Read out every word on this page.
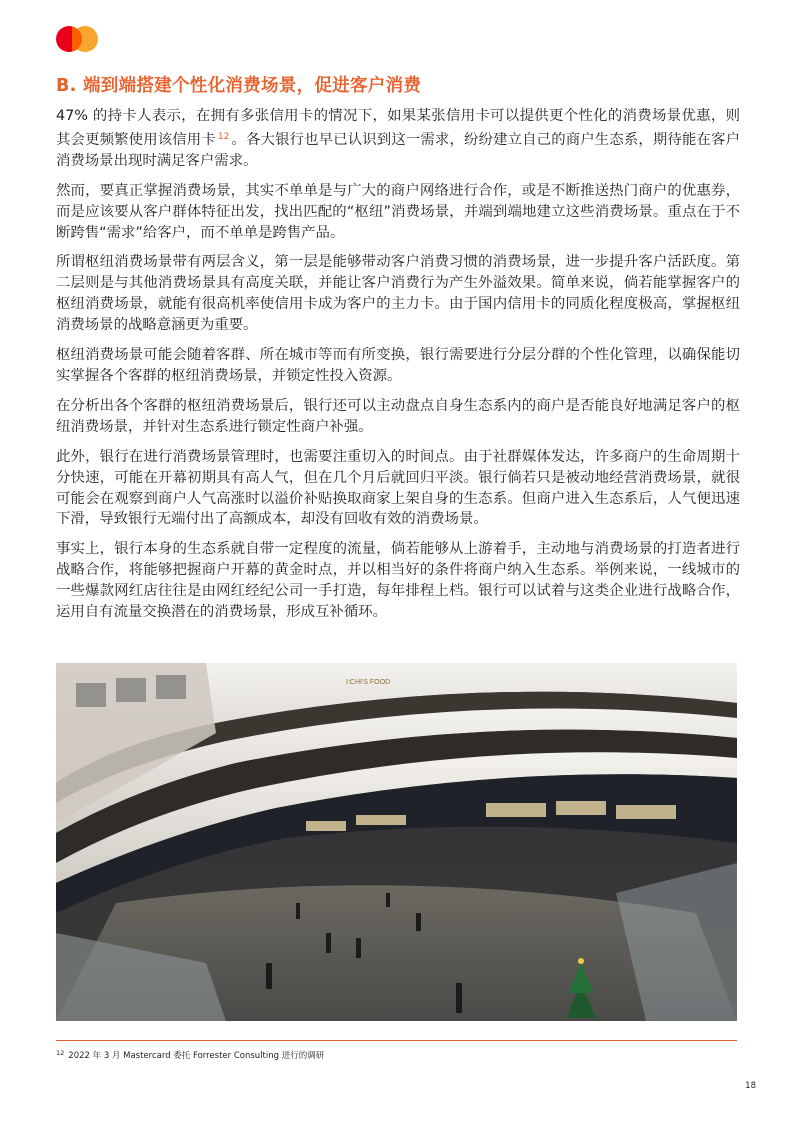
B. 端到端搭建个性化消费场景，促进客户消费

47% 的持卡人表示，在拥有多张信用卡的情况下，如果某张信用卡可以提供更个性化的消费场景优惠，则其会更频繁使用该信用卡 $^{12}$ 。各大银行也早已认识到这一需求，纷纷建立自己的商户生态系，期待能在客户消费场景出现时满足客户需求。

然而，要真正掌握消费场景，其实不单单是与广大的商户网络进行合作，或是不断推送热门商户的优惠券，而是应该要从客户群体特征出发，找出匹配的“枢纽”消费场景，并端到端地建立这些消费场景。重点在于不断跨售“需求”给客户，而不单单是跨售产品。

所谓枢纽消费场景带有两层含义，第一层是能够带动客户消费习惯的消费场景，进一步提升客户活跃度。第二层则是与其他消费场景具有高度关联，并能让客户消费行为产生外溢效果。简单来说，倘若能掌握客户的枢纽消费场景，就能有很高机率使信用卡成为客户的主力卡。由于国内信用卡的同质化程度极高，掌握枢纽消费场景的战略意涵更为重要。

枢纽消费场景可能会随着客群、所在城市等而有所变换，银行需要进行分层分群的个性化管理，以确保能切实掌握各个客群的枢纽消费场景，并锁定性投入资源。

在分析出各个客群的枢纽消费场景后，银行还可以主动盘点自身生态系内的商户是否能良好地满足客户的枢纽消费场景，并针对生态系进行锁定性商户补强。

此外，银行在进行消费场景管理时，也需要注重切入的时间点。由于社群媒体发达，许多商户的生命周期十分快速，可能在开幕初期具有高人气，但在几个月后就回归平淡。银行倘若只是被动地经营消费场景，就很可能会在观察到商户人气高涨时以溢价补贴换取商家上架自身的生态系。但商户进入生态系后，人气便迅速下滑，导致银行无端付出了高额成本，却没有回收有效的消费场景。

事实上，银行本身的生态系就自带一定程度的流量，倘若能够从上游着手，主动地与消费场景的打造者进行战略合作，将能够把握商户开幕的黄金时点，并以相当好的条件将商户纳入生态系。举例来说，一线城市的一些爆款网红店往往是由网红经纪公司一手打造，每年排程上档。银行可以试着与这类企业进行战略合作，运用自有流量交换潜在的消费场景，形成互补循环。

I:CHI'S FOOD
$^{12}$ 2022 年 3 月 Mastercard 委托 Forrester Consulting 进行的调研
18
